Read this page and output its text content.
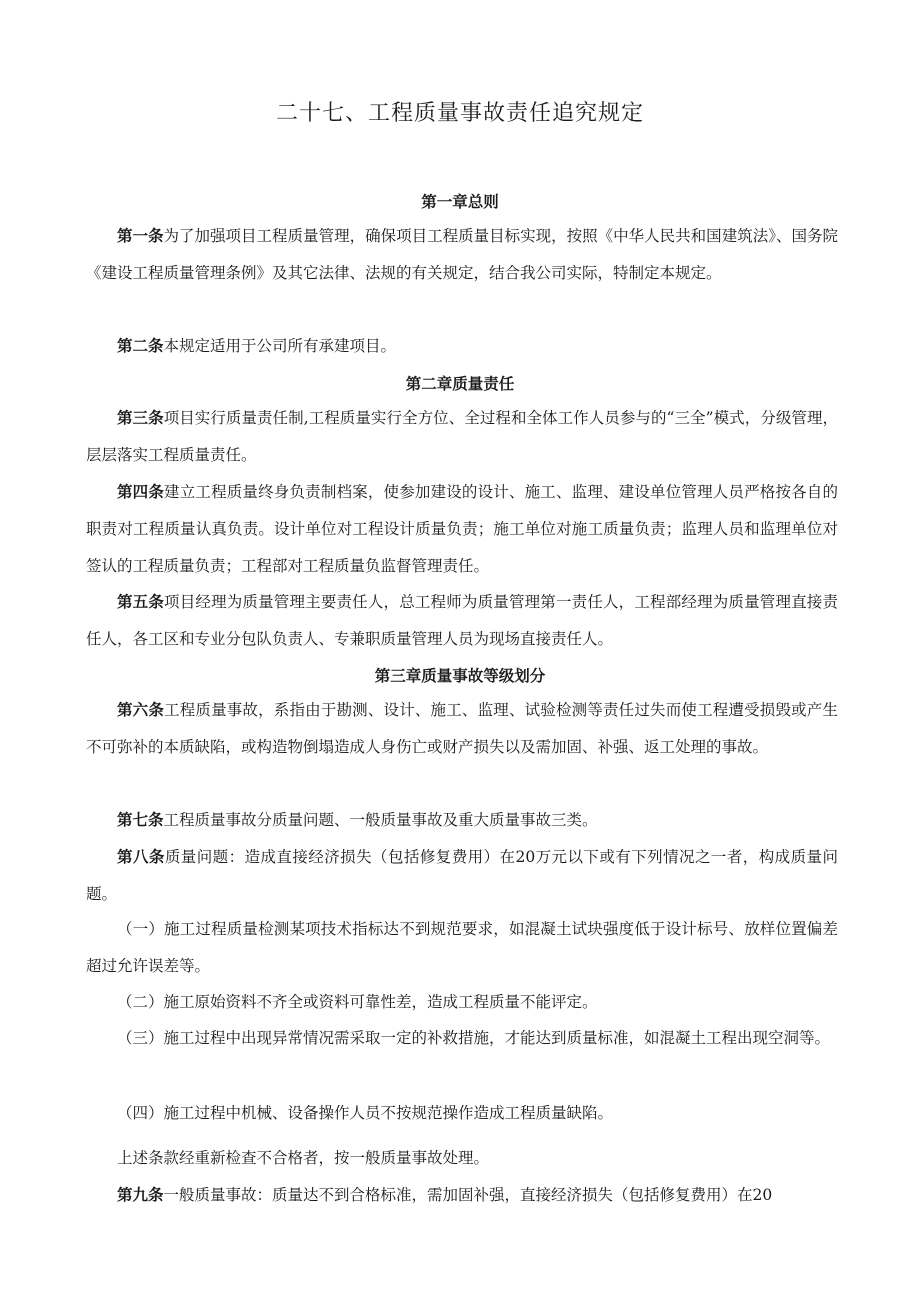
二十七、工程质量事故责任追究规定
第一章总则

第一条为了加强项目工程质量管理，确保项目工程质量目标实现，按照《中华人民共和国建筑法》、国务院《建设工程质量管理条例》及其它法律、法规的有关规定，结合我公司实际，特制定本规定。

第二条本规定适用于公司所有承建项目。

第二章质量责任

第三条项目实行质量责任制,工程质量实行全方位、全过程和全体工作人员参与的“三全”模式，分级管理，层层落实工程质量责任。

第四条建立工程质量终身负责制档案，使参加建设的设计、施工、监理、建设单位管理人员严格按各自的职责对工程质量认真负责。设计单位对工程设计质量负责；施工单位对施工质量负责；监理人员和监理单位对签认的工程质量负责；工程部对工程质量负监督管理责任。

第五条项目经理为质量管理主要责任人，总工程师为质量管理第一责任人，工程部经理为质量管理直接责任人，各工区和专业分包队负责人、专兼职质量管理人员为现场直接责任人。

第三章质量事故等级划分

第六条工程质量事故，系指由于勘测、设计、施工、监理、试验检测等责任过失而使工程遭受损毁或产生不可弥补的本质缺陷，或构造物倒塌造成人身伤亡或财产损失以及需加固、补强、返工处理的事故。

第七条工程质量事故分质量问题、一般质量事故及重大质量事故三类。

第八条质量问题：造成直接经济损失（包括修复费用）在20万元以下或有下列情况之一者，构成质量问题。

（一）施工过程质量检测某项技术指标达不到规范要求，如混凝土试块强度低于设计标号、放样位置偏差超过允许误差等。

（二）施工原始资料不齐全或资料可靠性差，造成工程质量不能评定。

（三）施工过程中出现异常情况需采取一定的补救措施，才能达到质量标准，如混凝土工程出现空洞等。

（四）施工过程中机械、设备操作人员不按规范操作造成工程质量缺陷。

上述条款经重新检查不合格者，按一般质量事故处理。

第九条一般质量事故：质量达不到合格标准，需加固补强，直接经济损失（包括修复费用）在20
